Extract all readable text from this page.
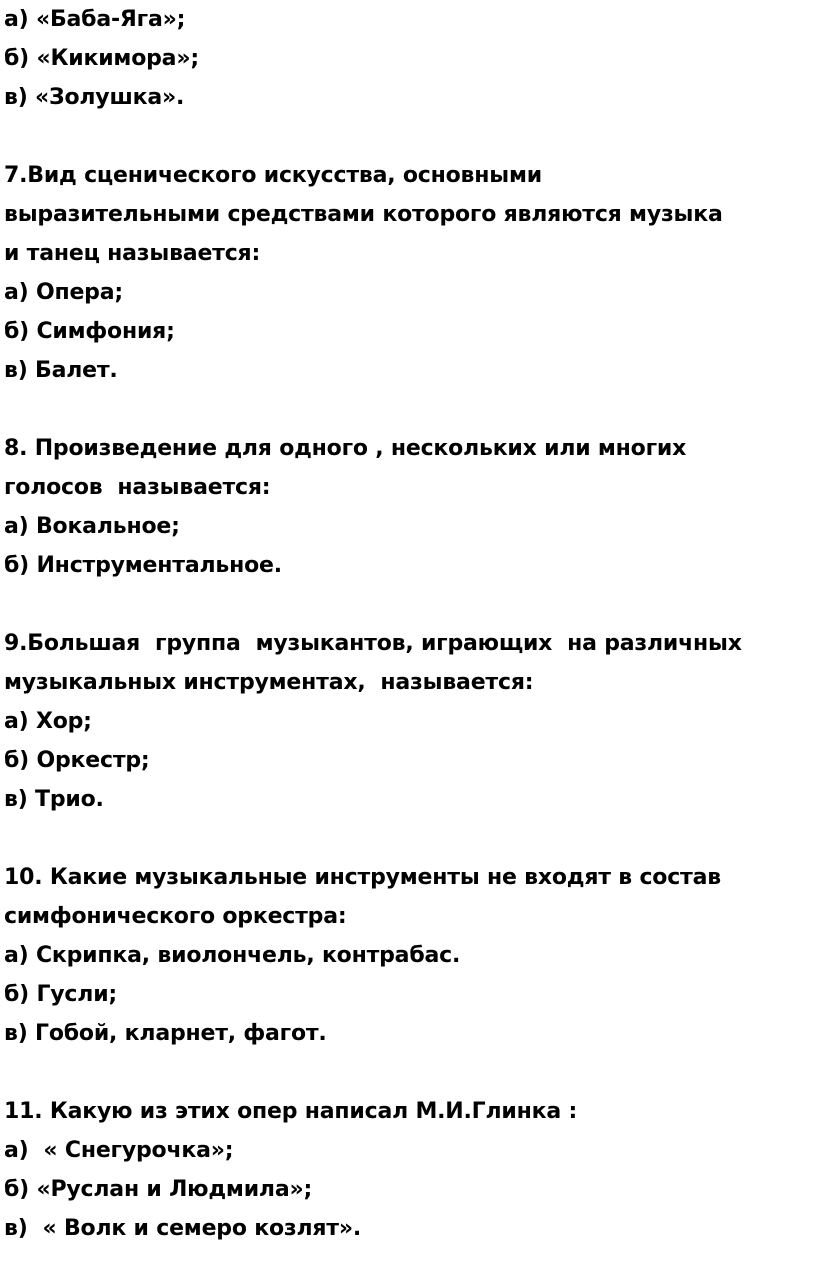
а) «Баба-Яга»;
б) «Кикимора»;
в) «Золушка».
7.Вид сценического искусства, основными
выразительными средствами которого являются музыка
и танец называется:
а) Опера;
б) Симфония;
в) Балет.
8. Произведение для одного , нескольких или многих
голосов  называется:
а) Вокальное;
б) Инструментальное.
9.Большая  группа  музыкантов, играющих  на различных
музыкальных инструментах,  называется:
а) Хор;
б) Оркестр;
в) Трио.
10. Какие музыкальные инструменты не входят в состав
симфонического оркестра:
а) Скрипка, виолончель, контрабас.
б) Гусли;
в) Гобой, кларнет, фагот.
11. Какую из этих опер написал М.И.Глинка :
а)  « Снегурочка»;
б) «Руслан и Людмила»;
в)  « Волк и семеро козлят».
